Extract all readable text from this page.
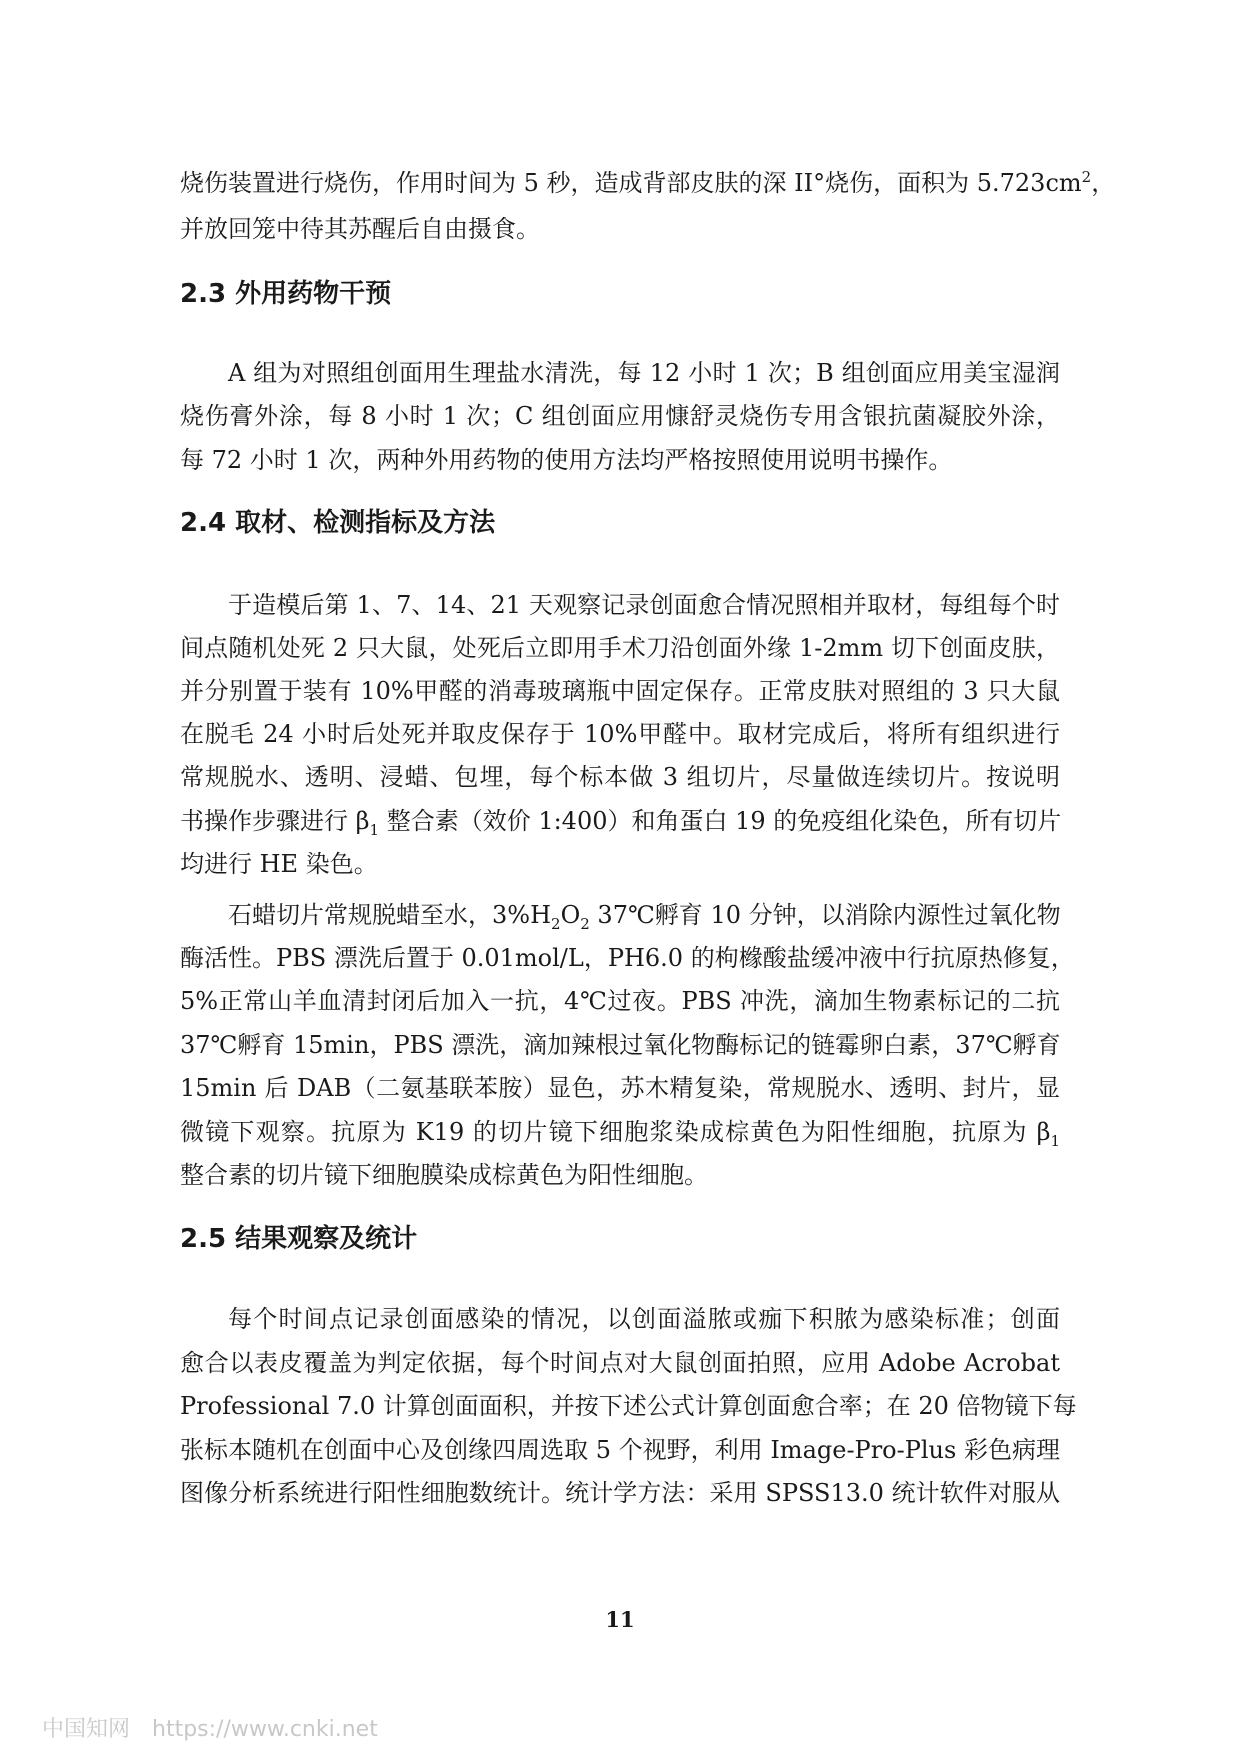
烧伤装置进行烧伤，作用时间为 5 秒，造成背部皮肤的深 II°烧伤，面积为 $5.723cm^2$，
并放回笼中待其苏醒后自由摄食。
2.3 外用药物干预
A 组为对照组创面用生理盐水清洗，每 12 小时 1 次；B 组创面应用美宝湿润
烧伤膏外涂，每 8 小时 1 次；C 组创面应用慷舒灵烧伤专用含银抗菌凝胶外涂，
每 72 小时 1 次，两种外用药物的使用方法均严格按照使用说明书操作。
2.4 取材、检测指标及方法
于造模后第 1、7、14、21 天观察记录创面愈合情况照相并取材，每组每个时
间点随机处死 2 只大鼠，处死后立即用手术刀沿创面外缘 1-2mm 切下创面皮肤，
并分别置于装有 10%甲醛的消毒玻璃瓶中固定保存。正常皮肤对照组的 3 只大鼠
在脱毛 24 小时后处死并取皮保存于 10%甲醛中。取材完成后，将所有组织进行
常规脱水、透明、浸蜡、包埋，每个标本做 3 组切片，尽量做连续切片。按说明
书操作步骤进行 $\beta_1$ 整合素（效价 1:400）和角蛋白 19 的免疫组化染色，所有切片
均进行 HE 染色。
石蜡切片常规脱蜡至水，$3\%H_2O_2$ 37℃孵育 10 分钟，以消除内源性过氧化物
酶活性。PBS 漂洗后置于 0.01mol/L，PH6.0 的枸橼酸盐缓冲液中行抗原热修复，
5%正常山羊血清封闭后加入一抗，4℃过夜。PBS 冲洗，滴加生物素标记的二抗
37℃孵育 15min，PBS 漂洗，滴加辣根过氧化物酶标记的链霉卵白素，37℃孵育
15min 后 DAB（二氨基联苯胺）显色，苏木精复染，常规脱水、透明、封片，显
微镜下观察。抗原为 K19 的切片镜下细胞浆染成棕黄色为阳性细胞，抗原为 $\beta_1$
整合素的切片镜下细胞膜染成棕黄色为阳性细胞。
2.5 结果观察及统计
每个时间点记录创面感染的情况，以创面溢脓或痂下积脓为感染标准；创面
愈合以表皮覆盖为判定依据，每个时间点对大鼠创面拍照，应用 Adobe Acrobat
Professional 7.0 计算创面面积，并按下述公式计算创面愈合率；在 20 倍物镜下每
张标本随机在创面中心及创缘四周选取 5 个视野，利用 Image-Pro-Plus 彩色病理
图像分析系统进行阳性细胞数统计。统计学方法：采用 SPSS13.0 统计软件对服从
11
中国知网 https://www.cnki.net
